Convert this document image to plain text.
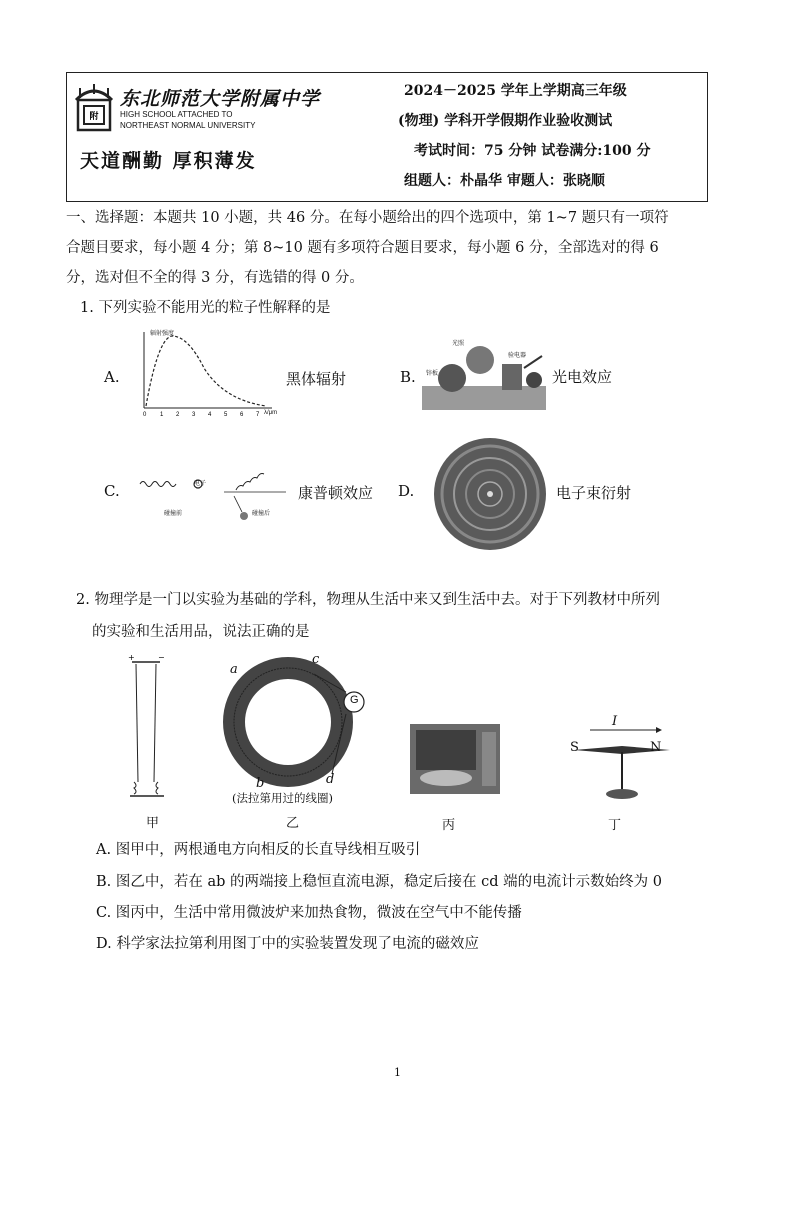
附
东北师范大学附属中学
HIGH SCHOOL ATTACHED TO
NORTHEAST NORMAL UNIVERSITY
天道酬勤 厚积薄发
2024－2025 学年上学期高三年级
(物理) 学科开学假期作业验收测试
考试时间：75 分钟 试卷满分:100 分
组题人：朴晶华 审题人：张晓顺
一、选择题：本题共 10 小题，共 46 分。在每小题给出的四个选项中，第 1~7 题只有一项符
合题目要求，每小题 4 分；第 8~10 题有多项符合题目要求，每小题 6 分，全部选对的得 6
分，选对但不全的得 3 分，有选错的得 0 分。
1. 下列实验不能用光的粒子性解释的是
A.
0 1 2 3 4 5 6 7
辐射强度
λ/μm
黑体辐射	B.
光照
锌板
验电器
光电效应
C.	电子
碰撞前	碰撞后
康普顿效应 D.	电子束衍射
2. 物理学是一门以实验为基础的学科，物理从生活中来又到生活中去。对于下列教材中所列
的实验和生活用品，说法正确的是
+	−
甲
a
b
c
d
G
(法拉第用过的线圈)
乙	丙
I
S	N
丁
A. 图甲中，两根通电方向相反的长直导线相互吸引
B. 图乙中，若在 ab 的两端接上稳恒直流电源，稳定后接在 cd 端的电流计示数始终为 0
C. 图丙中，生活中常用微波炉来加热食物，微波在空气中不能传播
D. 科学家法拉第利用图丁中的实验装置发现了电流的磁效应
1
